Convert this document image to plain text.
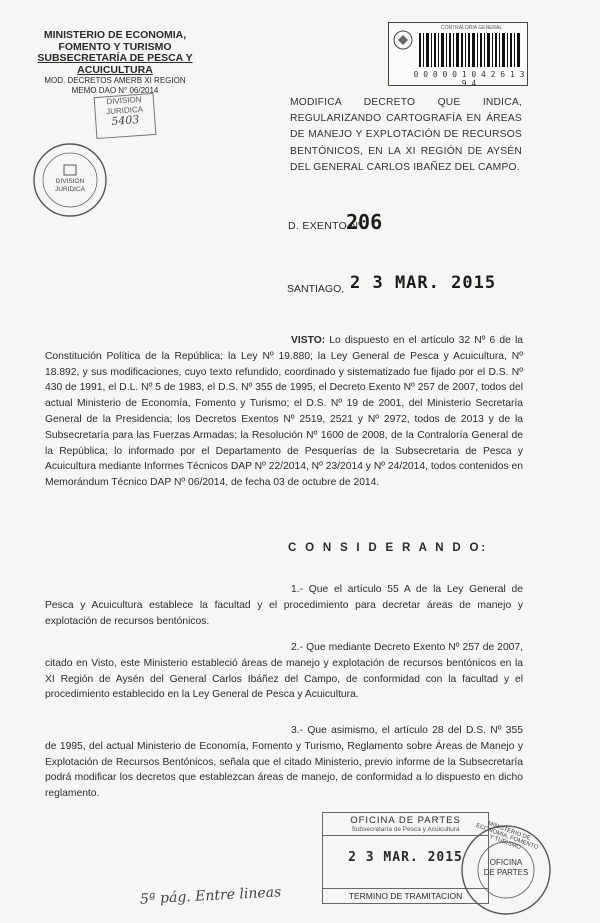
MINISTERIO DE ECONOMIA,
FOMENTO Y TURISMO
SUBSECRETARÍA DE PESCA Y ACUICULTURA
MOD. DECRETOS AMERB XI REGION
MEMO DAO N° 06/2014
DIVISION
JURIDICA
5403
DIVISION
JURIDICA
CONTRALORIA GENERAL
0 0 0 0 0 1 0 4 2 6 1 3 9 4
MODIFICA DECRETO QUE INDICA, REGULARIZANDO CARTOGRAFÍA EN ÁREAS DE MANEJO Y EXPLOTACIÓN DE RECURSOS BENTÓNICOS, EN LA XI REGIÓN DE AYSÉN DEL GENERAL CARLOS IBAÑEZ DEL CAMPO.
D. EXENTO Nº
206
SANTIAGO, 2 3 MAR. 2015
VISTO: Lo dispuesto en el artículo 32 Nº 6 de la Constitución Política de la República; la Ley Nº 19.880; la Ley General de Pesca y Acuicultura, Nº 18.892, y sus modificaciones, cuyo texto refundido, coordinado y sistematizado fue fijado por el D.S. Nº 430 de 1991, el D.L. Nº 5 de 1983, el D.S. Nº 355 de 1995, el Decreto Exento Nº 257 de 2007, todos del actual Ministerio de Economía, Fomento y Turismo; el D.S. Nº 19 de 2001, del Ministerio Secretaría General de la Presidencia; los Decretos Exentos Nº 2519, 2521 y Nº 2972, todos de 2013 y de la Subsecretaría para las Fuerzas Armadas; la Resolución Nº 1600 de 2008, de la Contraloría General de la República; lo informado por el Departamento de Pesquerías de la Subsecretaría de Pesca y Acuicultura mediante Informes Técnicos DAP Nº 22/2014, Nº 23/2014 y Nº 24/2014, todos contenidos en Memorándum Técnico DAP Nº 06/2014, de fecha 03 de octubre de 2014.
C O N S I D E R A N D O:
1.- Que el artículo 55 A de la Ley General de Pesca y Acuicultura establece la facultad y el procedimiento para decretar áreas de manejo y explotación de recursos bentónicos.
2.- Que mediante Decreto Exento Nº 257 de 2007, citado en Visto, este Ministerio estableció áreas de manejo y explotación de recursos bentónicos en la XI Región de Aysén del General Carlos Ibáñez del Campo, de conformidad con la facultad y el procedimiento establecido en la Ley General de Pesca y Acuicultura.
3.- Que asimismo, el artículo 28 del D.S. Nº 355 de 1995, del actual Ministerio de Economía, Fomento y Turismo, Reglamento sobre Áreas de Manejo y Explotación de Recursos Bentónicos, señala que el citado Ministerio, previo informe de la Subsecretaría podrá modificar los decretos que establezcan áreas de manejo, de conformidad a lo dispuesto en dicho reglamento.
OFICINA DE PARTES
Subsecretaría de Pesca y Acuicultura
2 3 MAR. 2015
TERMINO DE TRAMITACION
MINISTERIO DE ECONOMIA, FOMENTO Y TURISMO
OFICINA
DE PARTES
5ª pág. Entre lineas
